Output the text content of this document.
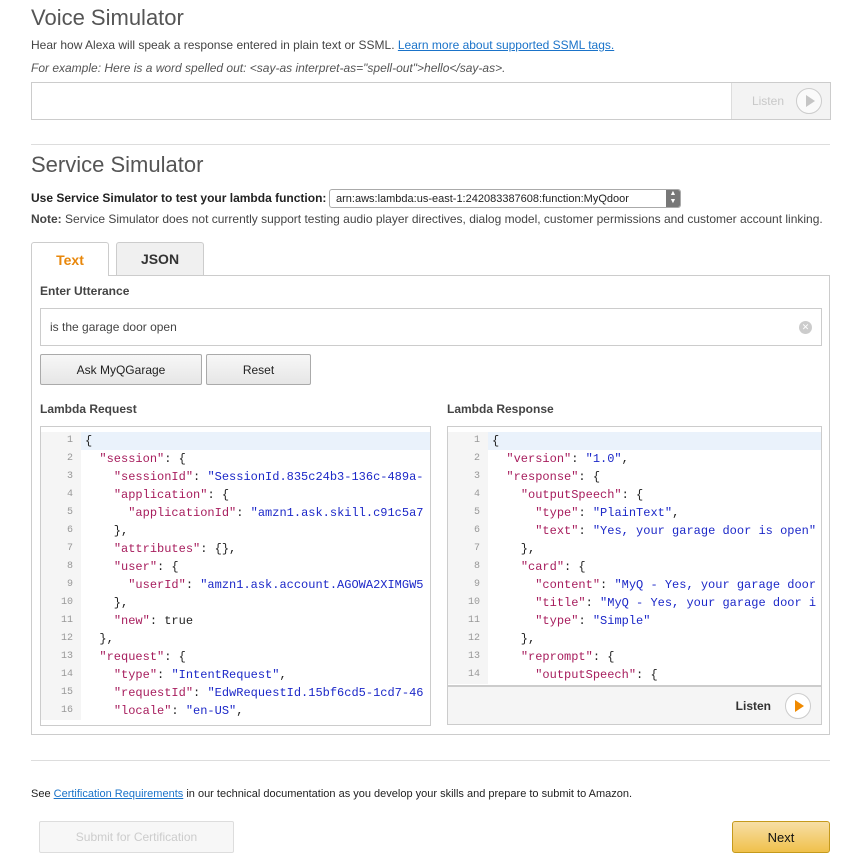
Voice Simulator
Hear how Alexa will speak a response entered in plain text or SSML. Learn more about supported SSML tags.
For example: Here is a word spelled out: <say-as interpret-as="spell-out">hello</say-as>.
Listen
Service Simulator
Use Service Simulator to test your lambda function: arn:aws:lambda:us-east-1:242083387608:function:MyQdoor	▲
▼
Note: Service Simulator does not currently support testing audio player directives, dialog model, customer permissions and customer account linking.
Text	JSON
Enter Utterance
is the garage door open	✕
Ask MyQGarage	Reset
Lambda Request
1	{
2	"session": {
3	"sessionId": "SessionId.835c24b3-136c-489a-
4	"application": {
5	"applicationId": "amzn1.ask.skill.c91c5a7
6	},
7	"attributes": {},
8	"user": {
9	"userId": "amzn1.ask.account.AGOWA2XIMGW5
10	},
11	"new": true
12	},
13	"request": {
14	"type": "IntentRequest",
15	"requestId": "EdwRequestId.15bf6cd5-1cd7-46
16	"locale": "en-US",
Lambda Response
1	{
2	"version": "1.0",
3	"response": {
4	"outputSpeech": {
5	"type": "PlainText",
6	"text": "Yes, your garage door is open"
7	},
8	"card": {
9	"content": "MyQ - Yes, your garage door
10	"title": "MyQ - Yes, your garage door i
11	"type": "Simple"
12	},
13	"reprompt": {
14	"outputSpeech": {
Listen
See Certification Requirements in our technical documentation as you develop your skills and prepare to submit to Amazon.
Submit for Certification	Next
